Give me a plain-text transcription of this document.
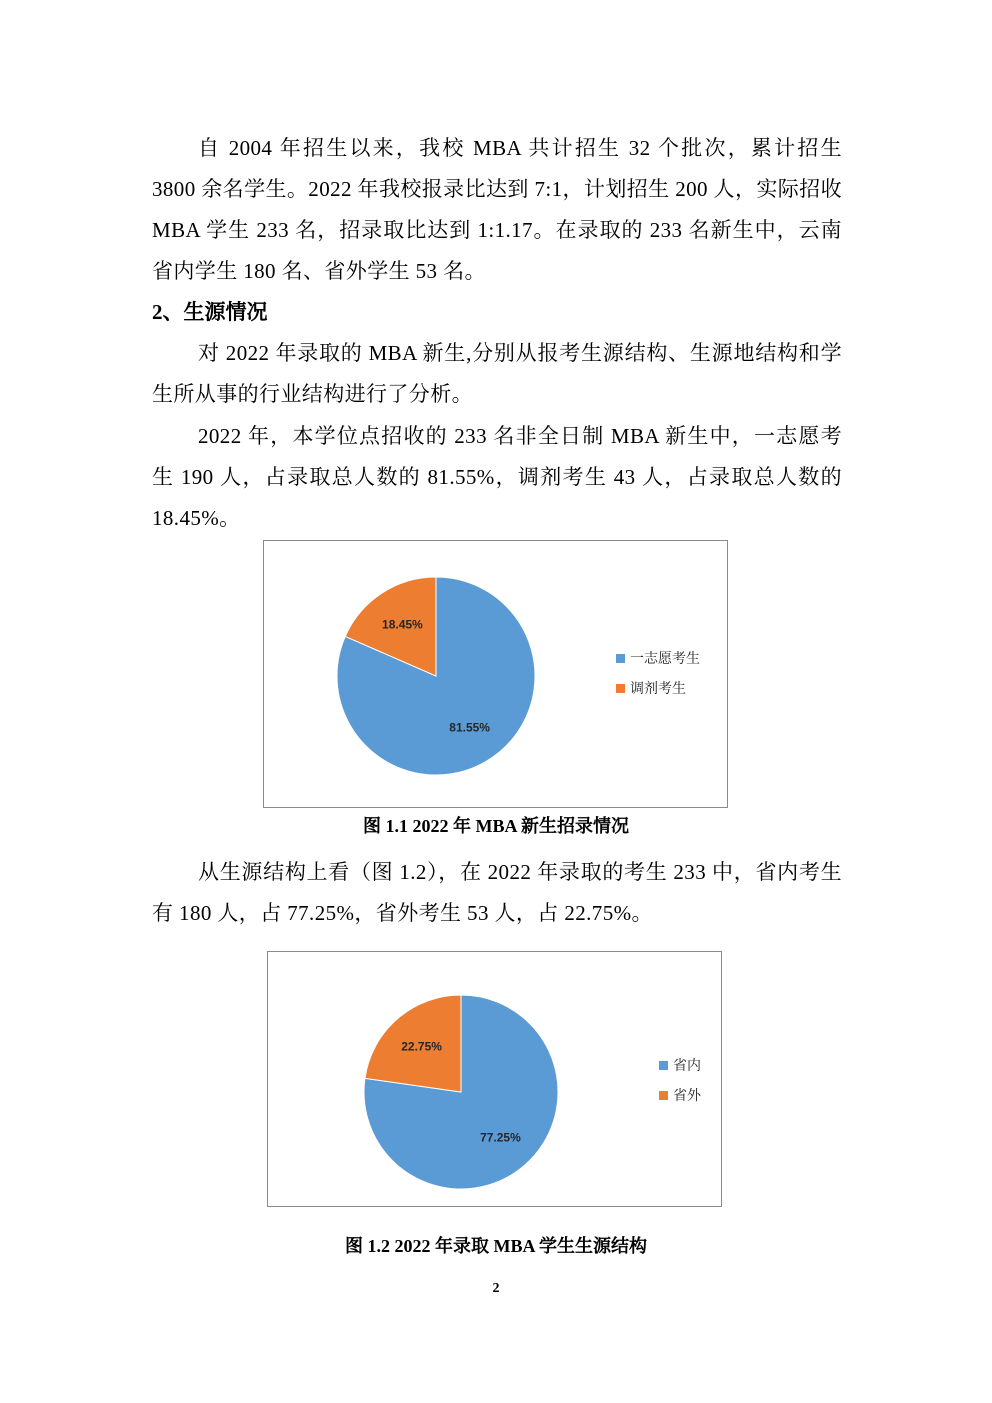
自 2004 年招生以来，我校 MBA 共计招生 32 个批次，累计招生 3800 余名学生。2022 年我校报录比达到 7:1，计划招生 200 人，实际招收 MBA 学生 233 名，招录取比达到 1:1.17。在录取的 233 名新生中，云南省内学生 180 名、省外学生 53 名。

2、生源情况

对 2022 年录取的 MBA 新生,分别从报考生源结构、生源地结构和学生所从事的行业结构进行了分析。

2022 年，本学位点招收的 233 名非全日制 MBA 新生中，一志愿考生 190 人，占录取总人数的 81.55%，调剂考生 43 人，占录取总人数的 18.45%。

81.55%
18.45%
一志愿考生
调剂考生
图 1.1 2022 年 MBA 新生招录情况

从生源结构上看（图 1.2），在 2022 年录取的考生 233 中，省内考生有 180 人，占 77.25%，省外考生 53 人，占 22.75%。

77.25%
22.75%
省内
省外
图 1.2 2022 年录取 MBA 学生生源结构
2
